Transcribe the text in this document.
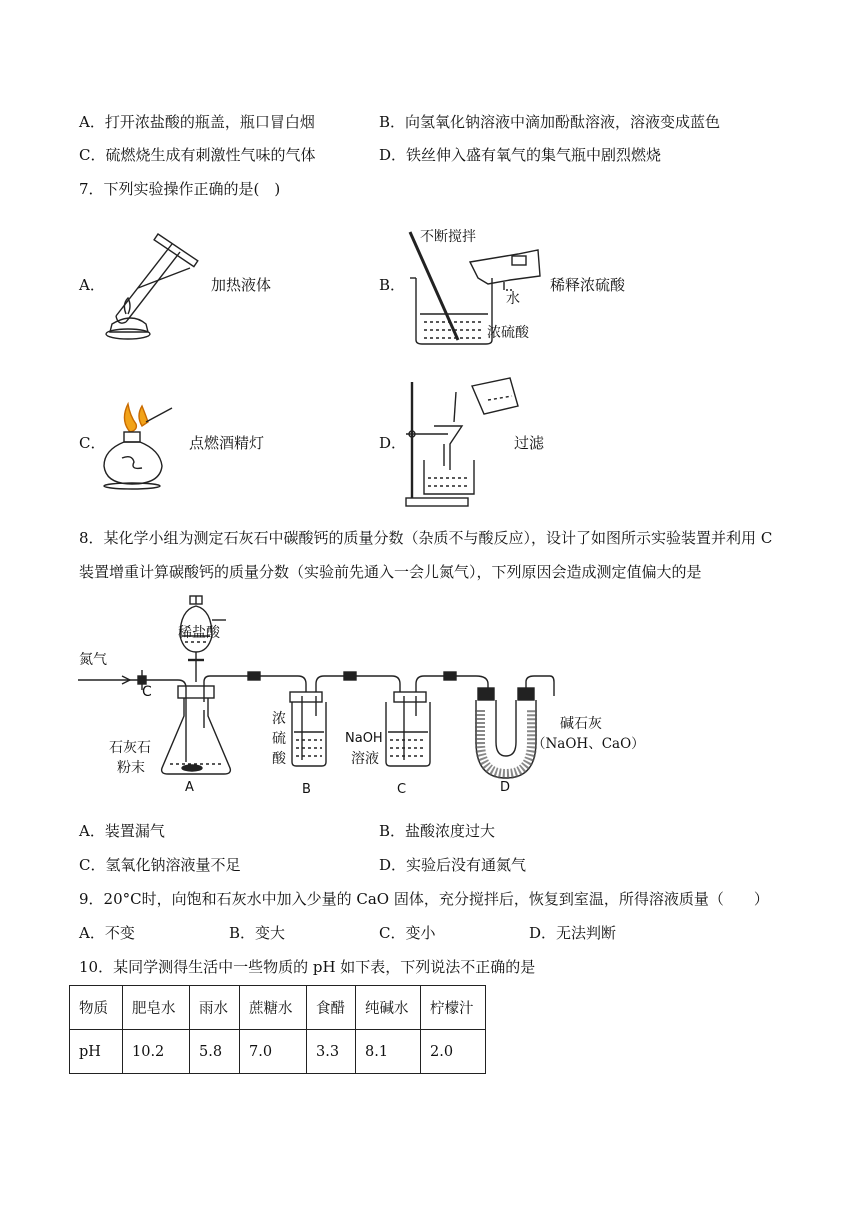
A．打开浓盐酸的瓶盖，瓶口冒白烟	B．向氢氧化钠溶液中滴加酚酞溶液，溶液变成蓝色
C．硫燃烧生成有刺激性气味的气体	D．铁丝伸入盛有氧气的集气瓶中剧烈燃烧
7．下列实验操作正确的是(　)
A．	加热液体	B．
不断搅拌
水
浓硫酸
稀释浓硫酸
C．	点燃酒精灯	D．	过滤
8．某化学小组为测定石灰石中碳酸钙的质量分数（杂质不与酸反应），设计了如图所示实验装置并利用 C
装置增重计算碳酸钙的质量分数（实验前先通入一会儿氮气），下列原因会造成测定值偏大的是
稀盐酸
氮气
C
石灰石
粉末
浓
硫
酸
NaOH
溶液
碱石灰
（NaOH、CaO）
A	B	C	D
A．装置漏气	B．盐酸浓度过大
C．氢氧化钠溶液量不足	D．实验后没有通氮气
9．20°C时，向饱和石灰水中加入少量的 CaO 固体，充分搅拌后，恢复到室温，所得溶液质量（　　）
A．不变	B．变大	C．变小	D．无法判断
10．某同学测得生活中一些物质的 pH 如下表，下列说法不正确的是
物质	肥皂水	雨水	蔗糖水	食醋	纯碱水	柠檬汁
pH	10.2	5.8	7.0	3.3	8.1	2.0
